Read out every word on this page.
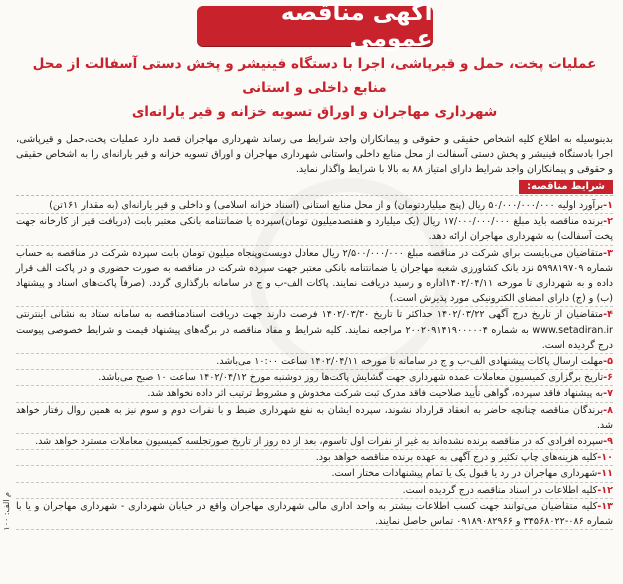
آگهی مناقصه عمومی
عملیات پخت، حمل و قیرپاشی، اجرا با دستگاه فینیشر و پخش دستی آسفالت از محل منابع داخلی و استانی
شهرداری مهاجران و اوراق تسویه خزانه و قیر یارانه‌ای

بدینوسیله به اطلاع کلیه اشخاص حقیقی و حقوقی و پیمانکاران واجد شرایط می رساند شهرداری مهاجران قصد دارد عملیات پخت،حمل و قیرپاشی، اجرا بادستگاه فینیشر و پخش دستی آسفالت از محل منابع داخلی واستانی شهرداری مهاجران و اوراق تسویه خزانه و قیر یارانه‌ای را به اشخاص حقیقی و حقوقی و پیمانکاران واجد شرایط دارای امتیاز ۸۸ به بالا با شرایط واگذار نماید.

شرایط مناقصه:
۱-برآورد اولیه ۵۰/۰۰۰/۰۰۰/۰۰۰ ریال (پنج میلیاردتومان) و از محل منابع استانی (اسناد خزانه اسلامی) و داخلی و قیر یارانه‌ای (به مقدار ۱۶۱تن)
۲-برنده مناقصه باید مبلغ ۱۷/۰۰۰/۰۰۰/۰۰۰ ریال (یک میلیارد و هفتصدمیلیون تومان)سپرده یا ضمانتنامه بانکی معتبر بابت (دریافت قیر از کارخانه جهت پخت آسفالت) به شهرداری مهاجران ارائه دهد.
۳-متقاضیان می‌بایست برای شرکت در مناقصه مبلغ ۲/۵۰۰/۰۰۰/۰۰۰ ریال معادل دویست‌وپنجاه میلیون تومان بابت سپرده شرکت در مناقصه به حساب شماره ۵۹۹۸۱۹۷۰۹ نزد بانک کشاورزی شعبه مهاجران یا ضمانتنامه بانکی معتبر جهت سپرده شرکت در مناقصه به صورت حضوری و در پاکت الف قرار داده و به شهرداری تا مورخه ۱۴۰۲/۰۴/۱۱اداره و رسید دریافت نمایند. پاکات الف-ب و ج در سامانه بارگذاری گردد. (صرفاً پاکت‌های اسناد و پیشنهاد (ب) و (ج) دارای امضای الکترونیکی مورد پذیرش است.)
۴-متقاضیان از تاریخ درج آگهی ۱۴۰۲/۰۳/۲۲ حداکثر تا تاریخ ۱۴۰۲/۰۳/۳۰ فرصت دارند جهت دریافت اسنادمناقصه به سامانه ستاد به نشانی اینترنتی www.setadiran.ir به شماره ۲۰۰۲۰۹۱۴۱۹۰۰۰۰۰۴ مراجعه نمایند. کلیه شرایط و مفاد مناقصه در برگه‌های پیشنهاد قیمت و شرایط خصوصی پیوست درج گردیده است.
۵-مهلت ارسال پاکات پیشنهادی الف-ب و ج در سامانه تا مورخه ۱۴۰۲/۰۴/۱۱ ساعت ۱۰:۰۰ می‌باشد.
۶-تاریخ برگزاری کمیسیون معاملات عمده شهرداری جهت گشایش پاکت‌ها روز دوشنبه مورخ ۱۴۰۲/۰۴/۱۲ ساعت ۱۰ صبح می‌باشد.
۷-به پیشنهاد فاقد سپرده، گواهی تأیید صلاحیت فاقد مدرک ثبت شرکت مخدوش و مشروط ترتیب اثر داده نخواهد شد.
۸-برندگان مناقصه چنانچه حاضر به انعقاد قرارداد نشوند، سپرده ایشان به نفع شهرداری ضبط و با نفرات دوم و سوم نیز به همین روال رفتار خواهد شد.
۹-سپرده افرادی که در مناقصه برنده نشده‌اند به غیر از نفرات اول تاسوم، بعد از ده روز از تاریخ صورتجلسه کمیسیون معاملات مسترد خواهد شد.
۱۰-کلیه هزینه‌های چاپ تکثیر و درج آگهی به عهده برنده مناقصه خواهد بود.
۱۱-شهرداری مهاجران در رد یا قبول یک یا تمام پیشنهادات مختار است.
۱۲-کلیه اطلاعات در اسناد مناقصه درج گردیده است.
۱۳-کلیه متقاضیان می‌توانند جهت کسب اطلاعات بیشتر به واحد اداری مالی شهرداری مهاجران واقع در خیابان شهرداری - شهرداری مهاجران و یا با شماره ۰۸۶-۳۴۵۶۸۰۲۲ و ۰۹۱۸۹۰۸۲۹۶۶ تماس حاصل نمایند.
م الف: ۱۰۰
